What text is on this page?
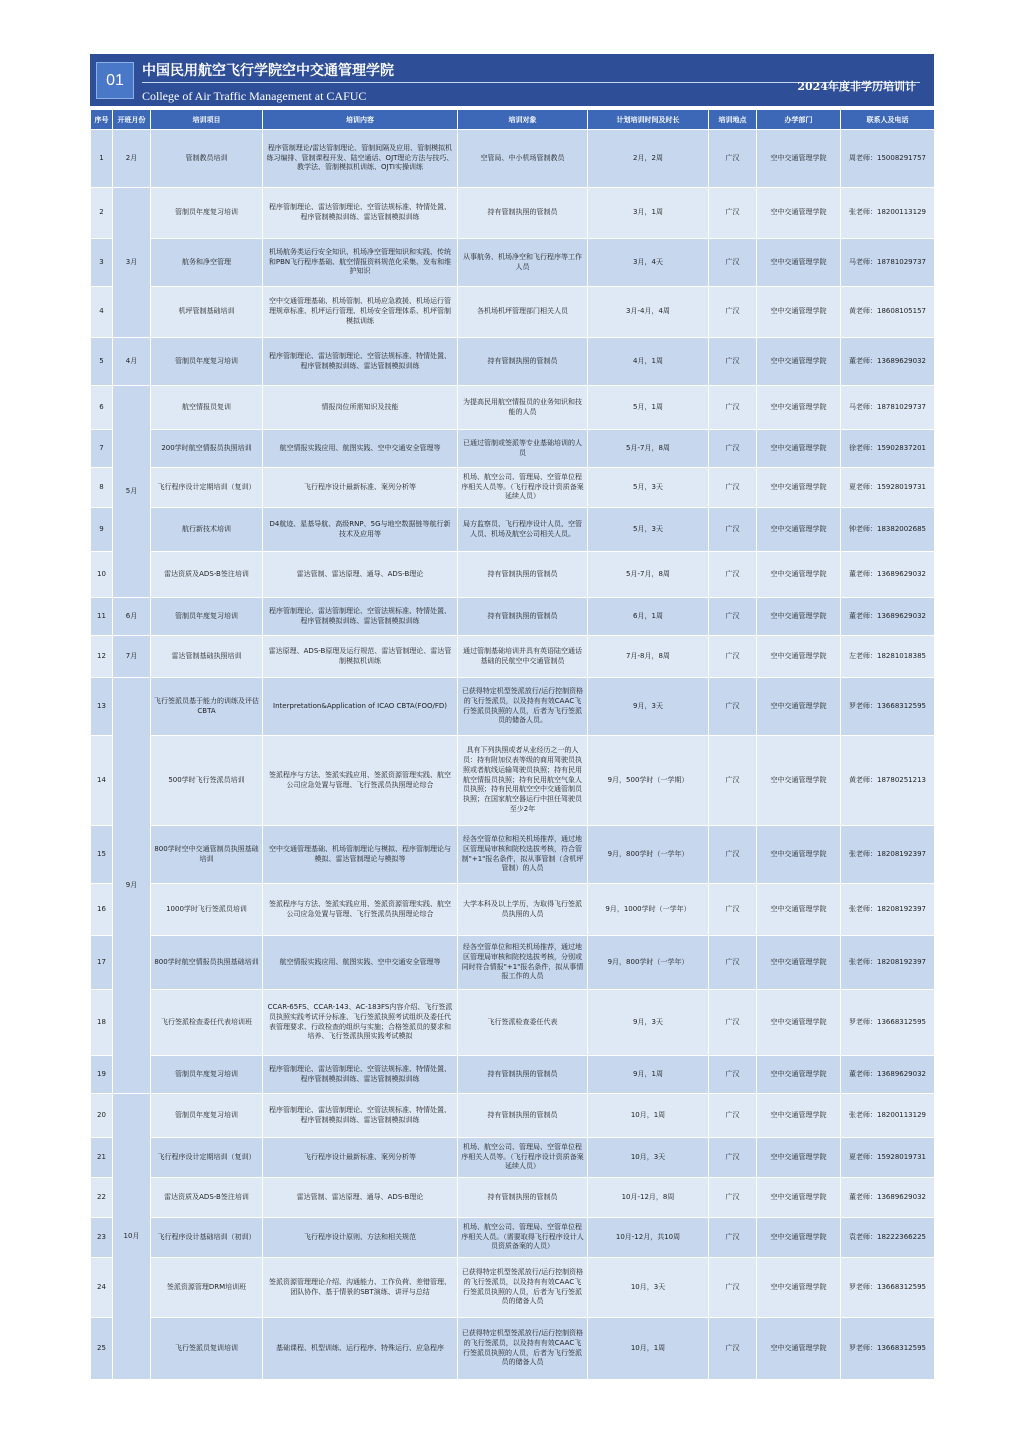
01
中国民用航空飞行学院空中交通管理学院
College of Air Traffic Management at CAFUC
2024年度非学历培训计
序号	开班月份	培训项目	培训内容	培训对象	计划培训时间及时长	培训地点	办学部门	联系人及电话
1	2月	管制教员培训	程序管制理论/雷达管制理论、管制间隔及应用、管制模拟机练习编排、管制课程开发、陆空通话、OJT理论方法与技巧、教学法、管制模拟机训练、OJTI实操训练	空管局、中小机场管制教员	2月，2周	广汉	空中交通管理学院	周老师：15008291757
2	3月	管制员年度复习培训	程序管制理论、雷达管制理论、空管法规标准、特情处置、程序管制模拟训练、雷达管制模拟训练	持有管制执照的管制员	3月，1周	广汉	空中交通管理学院	张老师：18200113129
3		航务和净空管理	机场航务类运行安全知识、机场净空管理知识和实践、传统和PBN飞行程序基础、航空情报资料规范化采集、发布和维护知识	从事航务、机场净空和飞行程序等工作人员	3月，4天	广汉	空中交通管理学院	马老师：18781029737
4		机坪管制基础培训	空中交通管理基础、机场管制、机场应急救援、机场运行管理规章标准、机坪运行管理、机场安全管理体系、机坪管制模拟训练	各机场机坪管理部门相关人员	3月-4月，4周	广汉	空中交通管理学院	黄老师：18608105157
5	4月	管制员年度复习培训	程序管制理论、雷达管制理论、空管法规标准、特情处置、程序管制模拟训练、雷达管制模拟训练	持有管制执照的管制员	4月，1周	广汉	空中交通管理学院	董老师：13689629032
6	5月	航空情报员复训	情报岗位所需知识及技能	为提高民用航空情报员的业务知识和技能的人员	5月，1周	广汉	空中交通管理学院	马老师：18781029737
7		200学时航空情报员执照培训	航空情报实践应用、航图实践、空中交通安全管理等	已通过管制或签派等专业基础培训的人员	5月-7月，8周	广汉	空中交通管理学院	徐老师：15902837201
8		飞行程序设计定期培训（复训）	飞行程序设计最新标准、案列分析等	机场、航空公司、管理局、空管单位程序相关人员等。（飞行程序设计资质备案延续人员）	5月，3天	广汉	空中交通管理学院	夏老师：15928019731
9		航行新技术培训	D4航迹、星基导航、高级RNP、5G与地空数据链等航行新技术及应用等	局方监察员、飞行程序设计人员、空管人员、机场及航空公司相关人员。	5月，3天	广汉	空中交通管理学院	钟老师：18382002685
10		雷达资质及ADS-B签注培训	雷达管制、雷达原理、通导、ADS-B理论	持有管制执照的管制员	5月-7月，8周	广汉	空中交通管理学院	董老师：13689629032
11	6月	管制员年度复习培训	程序管制理论、雷达管制理论、空管法规标准、特情处置、程序管制模拟训练、雷达管制模拟训练	持有管制执照的管制员	6月，1周	广汉	空中交通管理学院	董老师：13689629032
12	7月	雷达管制基础执照培训	雷达原理、ADS-B原理及运行规范、雷达管制理论、雷达管制模拟机训练	通过管制基础培训并具有英语陆空通话基础的民航空中交通管制员	7月-8月，8周	广汉	空中交通管理学院	左老师：18281018385
13	9月	飞行签派员基于能力的训练及评估CBTA	Interpretation&Application of ICAO CBTA(FOO/FD)	已获得特定机型签派放行/运行控制资格的飞行签派员，以及持有有效CAAC飞行签派员执照的人员，后者为飞行签派员的储备人员。	9月，3天	广汉	空中交通管理学院	罗老师：13668312595
14		500学时飞行签派员培训	签派程序与方法、签派实践应用、签派资源管理实践、航空公司应急处置与管理、飞行签派员执照理论综合	具有下列执照或者从业经历之一的人员：持有附加仪表等级的商用驾驶员执照或者航线运输驾驶员执照；持有民用航空情报员执照；持有民用航空气象人员执照；持有民用航空空中交通管制员执照；在国家航空器运行中担任驾驶员至少2年	9月，500学时（一学期）	广汉	空中交通管理学院	黄老师：18780251213
15		800学时空中交通管制员执照基础培训	空中交通管理基础、机场管制理论与模拟、程序管制理论与模拟、雷达管制理论与模拟等	经各空管单位和相关机场推荐，通过地区管理局审核和院校选拔考核，符合管制"+1"报名条件，拟从事管制（含机坪管制）的人员	9月，800学时（一学年）	广汉	空中交通管理学院	张老师：18208192397
16		1000学时飞行签派员培训	签派程序与方法、签派实践应用、签派资源管理实践、航空公司应急处置与管理、飞行签派员执照理论综合	大学本科及以上学历，为取得飞行签派员执照的人员	9月，1000学时（一学年）	广汉	空中交通管理学院	张老师：18208192397
17		800学时航空情报员执照基础培训	航空情报实践应用、航图实践、空中交通安全管理等	经各空管单位和相关机场推荐，通过地区管理局审核和院校选拔考核，分别或同时符合情报"+1"报名条件，拟从事情报工作的人员	9月，800学时（一学年）	广汉	空中交通管理学院	张老师：18208192397
18		飞行签派检查委任代表培训班	CCAR-65FS、CCAR-143、AC-183FS内容介绍、飞行签派员执照实践考试评分标准、飞行签派执照考试组织及委任代表管理要求、行政检查的组织与实施；合格签派员的要求和培养、飞行签派执照实践考试模拟	飞行签派检查委任代表	9月，3天	广汉	空中交通管理学院	罗老师：13668312595
19		管制员年度复习培训	程序管制理论、雷达管制理论、空管法规标准、特情处置、程序管制模拟训练、雷达管制模拟训练	持有管制执照的管制员	9月，1周	广汉	空中交通管理学院	董老师：13689629032
20	10月	管制员年度复习培训	程序管制理论、雷达管制理论、空管法规标准、特情处置、程序管制模拟训练、雷达管制模拟训练	持有管制执照的管制员	10月，1周	广汉	空中交通管理学院	张老师：18200113129
21		飞行程序设计定期培训（复训）	飞行程序设计最新标准、案列分析等	机场、航空公司、管理局、空管单位程序相关人员等。（飞行程序设计资质备案延续人员）	10月，3天	广汉	空中交通管理学院	夏老师：15928019731
22		雷达资质及ADS-B签注培训	雷达管制、雷达原理、通导、ADS-B理论	持有管制执照的管制员	10月-12月，8周	广汉	空中交通管理学院	董老师：13689629032
23		飞行程序设计基础培训（初训）	飞行程序设计原则、方法和相关规范	机场、航空公司、管理局、空管单位程序相关人员。（需要取得飞行程序设计人员资质备案的人员）	10月-12月，共10周	广汉	空中交通管理学院	袁老师：18222366225
24		签派资源管理DRM培训班	签派资源管理理论介绍、沟通能力、工作负荷、差错管理、团队协作、基于情景的SBT演练、讲评与总结	已获得特定机型签派放行/运行控制资格的飞行签派员，以及持有有效CAAC飞行签派员执照的人员，后者为飞行签派员的储备人员	10月，3天	广汉	空中交通管理学院	罗老师：13668312595
25		飞行签派员复训培训	基础课程、机型训练、运行程序、特殊运行、应急程序	已获得特定机型签派放行/运行控制资格的飞行签派员，以及持有有效CAAC飞行签派员执照的人员，后者为飞行签派员的储备人员	10月，1周	广汉	空中交通管理学院	罗老师：13668312595
